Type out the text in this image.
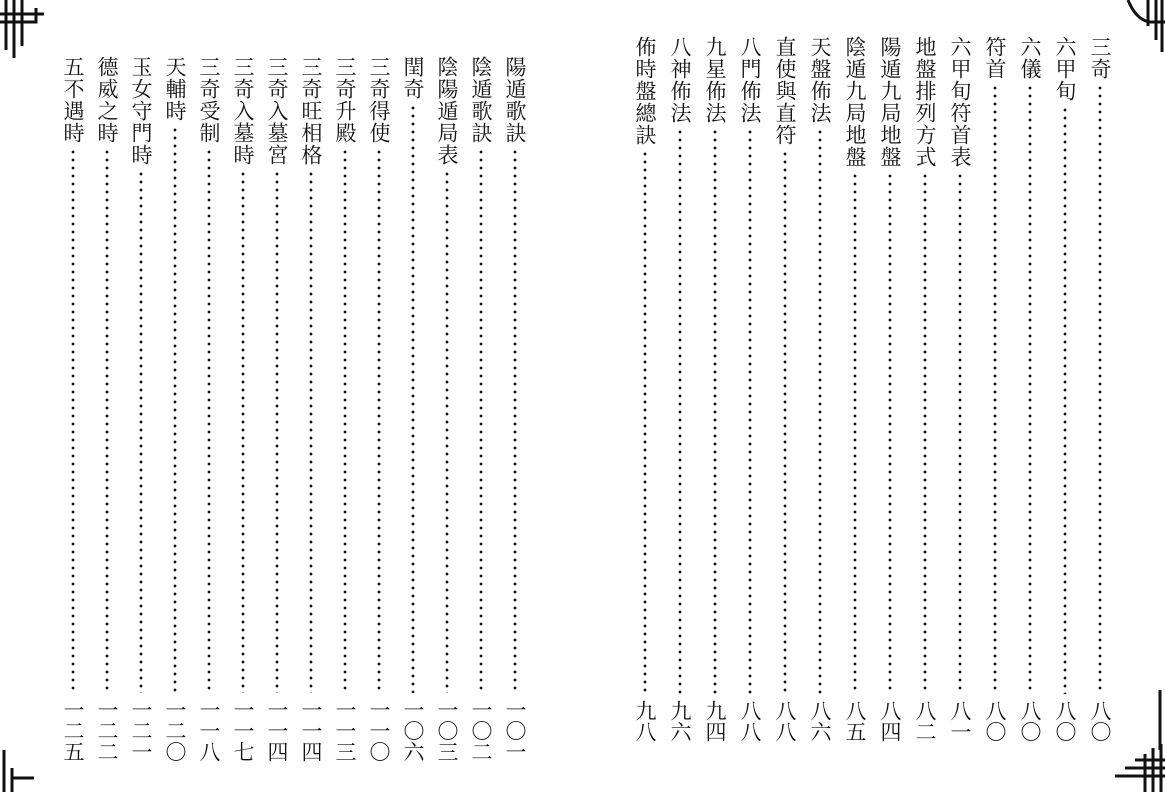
陽遁歌訣
一〇一
陰遁歌訣
一〇二
陰陽遁局表
一〇三
閏奇
一〇六
三奇得使
一一〇
三奇升殿
一一三
三奇旺相格
一一四
三奇入墓宮
一一四
三奇入墓時
一一七
三奇受制
一一八
天輔時
一二〇
玉女守門時
一二一
德威之時
一二二
五不遇時
一二五
三奇
八〇
六甲旬
八〇
六儀
八〇
符首
八〇
六甲旬符首表
八一
地盤排列方式
八二
陽遁九局地盤
八四
陰遁九局地盤
八五
天盤佈法
八六
直使與直符
八八
八門佈法
八八
九星佈法
九四
八神佈法
九六
佈時盤總訣
九八
